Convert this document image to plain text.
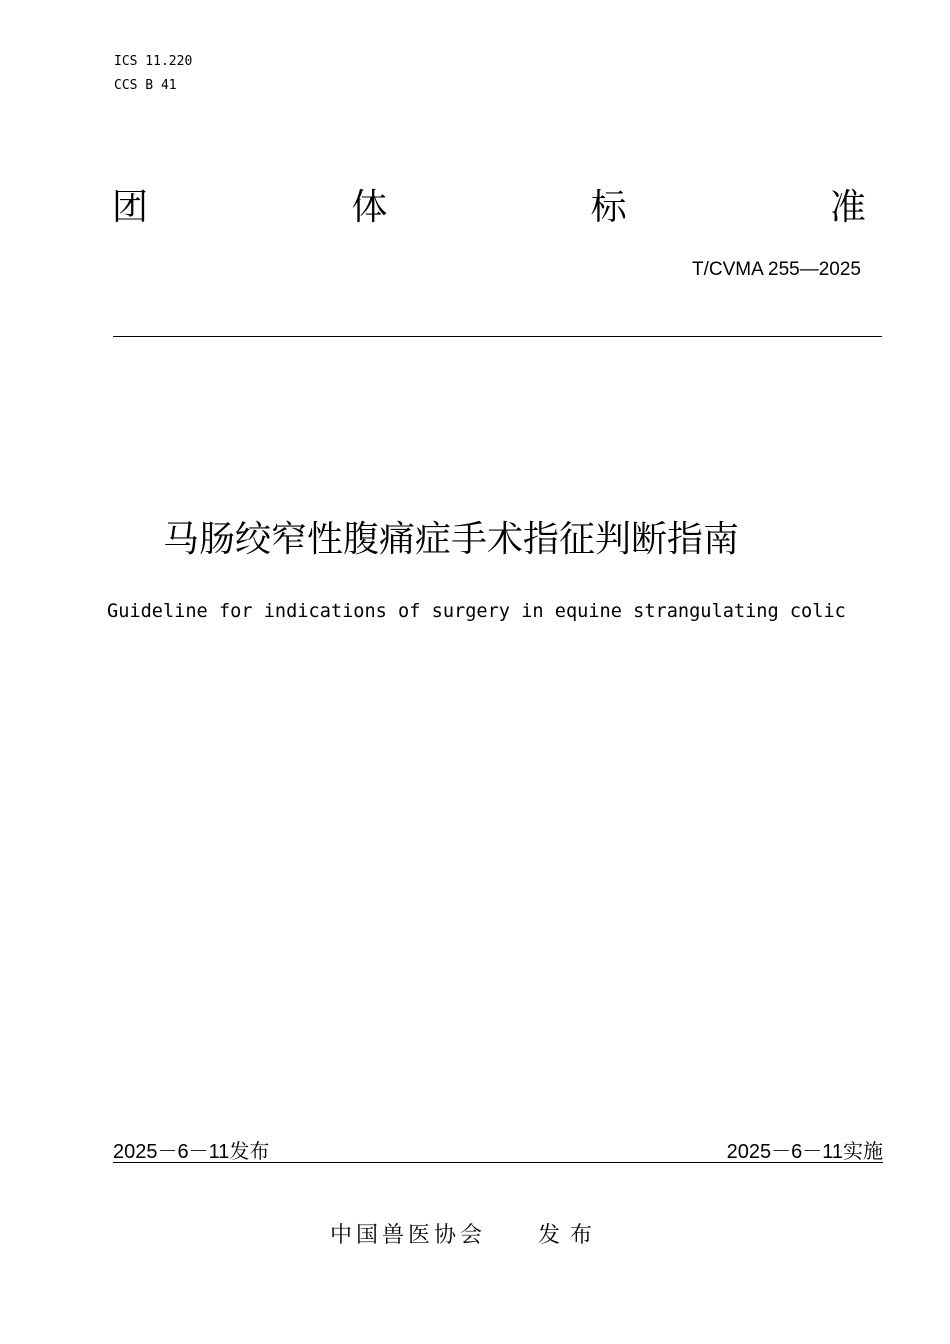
ICS 11.220
CCS B 41
团	体	标	准
T/CVMA 255—2025
马肠绞窄性腹痛症手术指征判断指南
Guideline for indications of surgery in equine strangulating colic
2025－6－11发布	2025－6－11实施
中国兽医协会 发布
